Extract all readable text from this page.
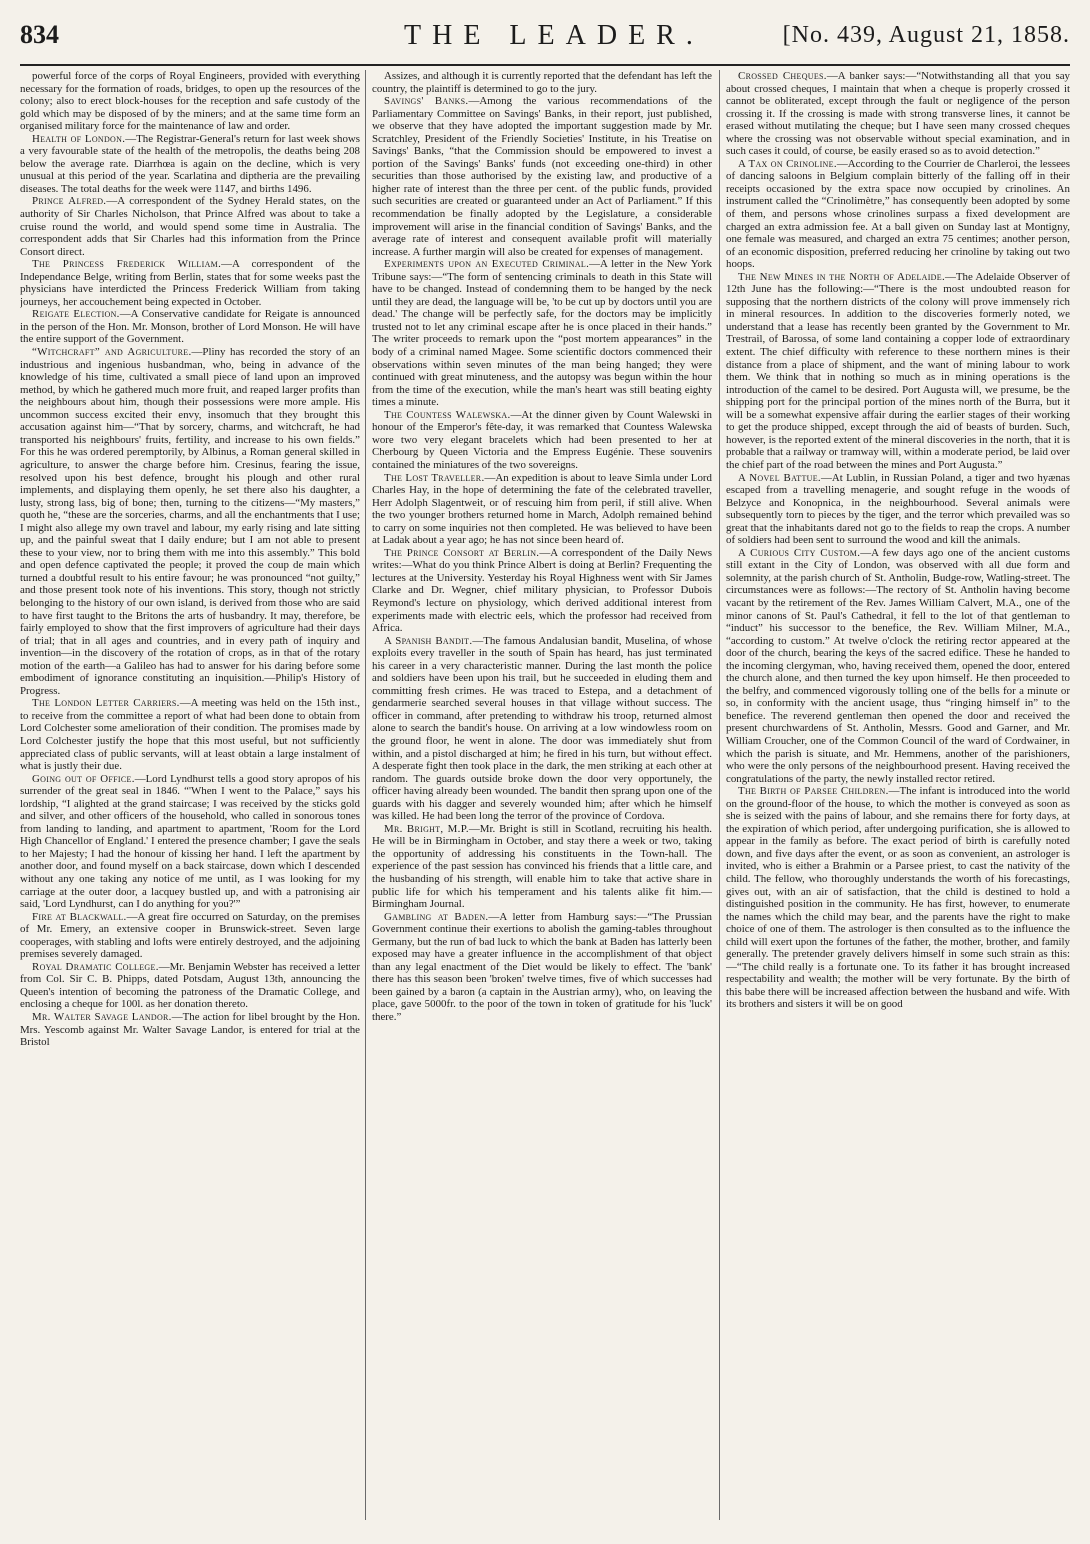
834	THE LEADER.	[No. 439, August 21, 1858.

powerful force of the corps of Royal Engineers, provided with everything necessary for the formation of roads, bridges, to open up the resources of the colony; also to erect block-houses for the reception and safe custody of the gold which may be disposed of by the miners; and at the same time form an organised military force for the maintenance of law and order.

Health of London.—The Registrar-General's return for last week shows a very favourable state of the health of the metropolis, the deaths being 208 below the average rate. Diarrhœa is again on the decline, which is very unusual at this period of the year. Scarlatina and diptheria are the prevailing diseases. The total deaths for the week were 1147, and births 1496.

Prince Alfred.—A correspondent of the Sydney Herald states, on the authority of Sir Charles Nicholson, that Prince Alfred was about to take a cruise round the world, and would spend some time in Australia. The correspondent adds that Sir Charles had this information from the Prince Consort direct.

The Princess Frederick William.—A correspondent of the Independance Belge, writing from Berlin, states that for some weeks past the physicians have interdicted the Princess Frederick William from taking journeys, her accouchement being expected in October.

Reigate Election.—A Conservative candidate for Reigate is announced in the person of the Hon. Mr. Monson, brother of Lord Monson. He will have the entire support of the Government.

“Witchcraft” and Agriculture.—Pliny has recorded the story of an industrious and ingenious husbandman, who, being in advance of the knowledge of his time, cultivated a small piece of land upon an improved method, by which he gathered much more fruit, and reaped larger profits than the neighbours about him, though their possessions were more ample. His uncommon success excited their envy, insomuch that they brought this accusation against him—“That by sorcery, charms, and witchcraft, he had transported his neighbours' fruits, fertility, and increase to his own fields.” For this he was ordered peremptorily, by Albinus, a Roman general skilled in agriculture, to answer the charge before him. Cresinus, fearing the issue, resolved upon his best defence, brought his plough and other rural implements, and displaying them openly, he set there also his daughter, a lusty, strong lass, big of bone; then, turning to the citizens—“My masters,” quoth he, “these are the sorceries, charms, and all the enchantments that I use; I might also allege my own travel and labour, my early rising and late sitting up, and the painful sweat that I daily endure; but I am not able to present these to your view, nor to bring them with me into this assembly.” This bold and open defence captivated the people; it proved the coup de main which turned a doubtful result to his entire favour; he was pronounced “not guilty,” and those present took note of his inventions. This story, though not strictly belonging to the history of our own island, is derived from those who are said to have first taught to the Britons the arts of husbandry. It may, therefore, be fairly employed to show that the first improvers of agriculture had their days of trial; that in all ages and countries, and in every path of inquiry and invention—in the discovery of the rotation of crops, as in that of the rotary motion of the earth—a Galileo has had to answer for his daring before some embodiment of ignorance constituting an inquisition.—Philip's History of Progress.

The London Letter Carriers.—A meeting was held on the 15th inst., to receive from the committee a report of what had been done to obtain from Lord Colchester some amelioration of their condition. The promises made by Lord Colchester justify the hope that this most useful, but not sufficiently appreciated class of public servants, will at least obtain a large instalment of what is justly their due.

Going out of Office.—Lord Lyndhurst tells a good story apropos of his surrender of the great seal in 1846. “'When I went to the Palace,” says his lordship, “I alighted at the grand staircase; I was received by the sticks gold and silver, and other officers of the household, who called in sonorous tones from landing to landing, and apartment to apartment, 'Room for the Lord High Chancellor of England.' I entered the presence chamber; I gave the seals to her Majesty; I had the honour of kissing her hand. I left the apartment by another door, and found myself on a back staircase, down which I descended without any one taking any notice of me until, as I was looking for my carriage at the outer door, a lacquey bustled up, and with a patronising air said, 'Lord Lyndhurst, can I do anything for you?'”

Fire at Blackwall.—A great fire occurred on Saturday, on the premises of Mr. Emery, an extensive cooper in Brunswick-street. Seven large cooperages, with stabling and lofts were entirely destroyed, and the adjoining premises severely damaged.

Royal Dramatic College.—Mr. Benjamin Webster has received a letter from Col. Sir C. B. Phipps, dated Potsdam, August 13th, announcing the Queen's intention of becoming the patroness of the Dramatic College, and enclosing a cheque for 100l. as her donation thereto.

Mr. Walter Savage Landor.—The action for libel brought by the Hon. Mrs. Yescomb against Mr. Walter Savage Landor, is entered for trial at the Bristol

Assizes, and although it is currently reported that the defendant has left the country, the plaintiff is determined to go to the jury.

Savings' Banks.—Among the various recommendations of the Parliamentary Committee on Savings' Banks, in their report, just published, we observe that they have adopted the important suggestion made by Mr. Scratchley, President of the Friendly Societies' Institute, in his Treatise on Savings' Banks, “that the Commission should be empowered to invest a portion of the Savings' Banks' funds (not exceeding one-third) in other securities than those authorised by the existing law, and productive of a higher rate of interest than the three per cent. of the public funds, provided such securities are created or guaranteed under an Act of Parliament.” If this recommendation be finally adopted by the Legislature, a considerable improvement will arise in the financial condition of Savings' Banks, and the average rate of interest and consequent available profit will materially increase. A further margin will also be created for expenses of management.

Experiments upon an Executed Criminal.—A letter in the New York Tribune says:—“The form of sentencing criminals to death in this State will have to be changed. Instead of condemning them to be hanged by the neck until they are dead, the language will be, 'to be cut up by doctors until you are dead.' The change will be perfectly safe, for the doctors may be implicitly trusted not to let any criminal escape after he is once placed in their hands.” The writer proceeds to remark upon the “post mortem appearances” in the body of a criminal named Magee. Some scientific doctors commenced their observations within seven minutes of the man being hanged; they were continued with great minuteness, and the autopsy was begun within the hour from the time of the execution, while the man's heart was still beating eighty times a minute.

The Countess Walewska.—At the dinner given by Count Walewski in honour of the Emperor's fête-day, it was remarked that Countess Walewska wore two very elegant bracelets which had been presented to her at Cherbourg by Queen Victoria and the Empress Eugénie. These souvenirs contained the miniatures of the two sovereigns.

The Lost Traveller.—An expedition is about to leave Simla under Lord Charles Hay, in the hope of determining the fate of the celebrated traveller, Herr Adolph Slagentweit, or of rescuing him from peril, if still alive. When the two younger brothers returned home in March, Adolph remained behind to carry on some inquiries not then completed. He was believed to have been at Ladak about a year ago; he has not since been heard of.

The Prince Consort at Berlin.—A correspondent of the Daily News writes:—What do you think Prince Albert is doing at Berlin? Frequenting the lectures at the University. Yesterday his Royal Highness went with Sir James Clarke and Dr. Wegner, chief military physician, to Professor Dubois Reymond's lecture on physiology, which derived additional interest from experiments made with electric eels, which the professor had received from Africa.

A Spanish Bandit.—The famous Andalusian bandit, Muselina, of whose exploits every traveller in the south of Spain has heard, has just terminated his career in a very characteristic manner. During the last month the police and soldiers have been upon his trail, but he succeeded in eluding them and committing fresh crimes. He was traced to Estepa, and a detachment of gendarmerie searched several houses in that village without success. The officer in command, after pretending to withdraw his troop, returned almost alone to search the bandit's house. On arriving at a low windowless room on the ground floor, he went in alone. The door was immediately shut from within, and a pistol discharged at him; he fired in his turn, but without effect. A desperate fight then took place in the dark, the men striking at each other at random. The guards outside broke down the door very opportunely, the officer having already been wounded. The bandit then sprang upon one of the guards with his dagger and severely wounded him; after which he himself was killed. He had been long the terror of the province of Cordova.

Mr. Bright, M.P.—Mr. Bright is still in Scotland, recruiting his health. He will be in Birmingham in October, and stay there a week or two, taking the opportunity of addressing his constituents in the Town-hall. The experience of the past session has convinced his friends that a little care, and the husbanding of his strength, will enable him to take that active share in public life for which his temperament and his talents alike fit him.—Birmingham Journal.

Gambling at Baden.—A letter from Hamburg says:—“The Prussian Government continue their exertions to abolish the gaming-tables throughout Germany, but the run of bad luck to which the bank at Baden has latterly been exposed may have a greater influence in the accomplishment of that object than any legal enactment of the Diet would be likely to effect. The 'bank' there has this season been 'broken' twelve times, five of which successes had been gained by a baron (a captain in the Austrian army), who, on leaving the place, gave 5000fr. to the poor of the town in token of gratitude for his 'luck' there.”

Crossed Cheques.—A banker says:—“Notwithstanding all that you say about crossed cheques, I maintain that when a cheque is properly crossed it cannot be obliterated, except through the fault or negligence of the person crossing it. If the crossing is made with strong transverse lines, it cannot be erased without mutilating the cheque; but I have seen many crossed cheques where the crossing was not observable without special examination, and in such cases it could, of course, be easily erased so as to avoid detection.”

A Tax on Crinoline.—According to the Courrier de Charleroi, the lessees of dancing saloons in Belgium complain bitterly of the falling off in their receipts occasioned by the extra space now occupied by crinolines. An instrument called the “Crinolimètre,” has consequently been adopted by some of them, and persons whose crinolines surpass a fixed development are charged an extra admission fee. At a ball given on Sunday last at Montigny, one female was measured, and charged an extra 75 centimes; another person, of an economic disposition, preferred reducing her crinoline by taking out two hoops.

The New Mines in the North of Adelaide.—The Adelaide Observer of 12th June has the following:—“There is the most undoubted reason for supposing that the northern districts of the colony will prove immensely rich in mineral resources. In addition to the discoveries formerly noted, we understand that a lease has recently been granted by the Government to Mr. Trestrail, of Barossa, of some land containing a copper lode of extraordinary extent. The chief difficulty with reference to these northern mines is their distance from a place of shipment, and the want of mining labour to work them. We think that in nothing so much as in mining operations is the introduction of the camel to be desired. Port Augusta will, we presume, be the shipping port for the principal portion of the mines north of the Burra, but it will be a somewhat expensive affair during the earlier stages of their working to get the produce shipped, except through the aid of beasts of burden. Such, however, is the reported extent of the mineral discoveries in the north, that it is probable that a railway or tramway will, within a moderate period, be laid over the chief part of the road between the mines and Port Augusta.”

A Novel Battue.—At Lublin, in Russian Poland, a tiger and two hyænas escaped from a travelling menagerie, and sought refuge in the woods of Belzyce and Konopnica, in the neighbourhood. Several animals were subsequently torn to pieces by the tiger, and the terror which prevailed was so great that the inhabitants dared not go to the fields to reap the crops. A number of soldiers had been sent to surround the wood and kill the animals.

A Curious City Custom.—A few days ago one of the ancient customs still extant in the City of London, was observed with all due form and solemnity, at the parish church of St. Antholin, Budge-row, Watling-street. The circumstances were as follows:—The rectory of St. Antholin having become vacant by the retirement of the Rev. James William Calvert, M.A., one of the minor canons of St. Paul's Cathedral, it fell to the lot of that gentleman to “induct” his successor to the benefice, the Rev. William Milner, M.A., “according to custom.” At twelve o'clock the retiring rector appeared at the door of the church, bearing the keys of the sacred edifice. These he handed to the incoming clergyman, who, having received them, opened the door, entered the church alone, and then turned the key upon himself. He then proceeded to the belfry, and commenced vigorously tolling one of the bells for a minute or so, in conformity with the ancient usage, thus “ringing himself in” to the benefice. The reverend gentleman then opened the door and received the present churchwardens of St. Antholin, Messrs. Good and Garner, and Mr. William Croucher, one of the Common Council of the ward of Cordwainer, in which the parish is situate, and Mr. Hemmens, another of the parishioners, who were the only persons of the neighbourhood present. Having received the congratulations of the party, the newly installed rector retired.

The Birth of Parsee Children.—The infant is introduced into the world on the ground-floor of the house, to which the mother is conveyed as soon as she is seized with the pains of labour, and she remains there for forty days, at the expiration of which period, after undergoing purification, she is allowed to appear in the family as before. The exact period of birth is carefully noted down, and five days after the event, or as soon as convenient, an astrologer is invited, who is either a Brahmin or a Parsee priest, to cast the nativity of the child. The fellow, who thoroughly understands the worth of his forecastings, gives out, with an air of satisfaction, that the child is destined to hold a distinguished position in the community. He has first, however, to enumerate the names which the child may bear, and the parents have the right to make choice of one of them. The astrologer is then consulted as to the influence the child will exert upon the fortunes of the father, the mother, brother, and family generally. The pretender gravely delivers himself in some such strain as this:—“The child really is a fortunate one. To its father it has brought increased respectability and wealth; the mother will be very fortunate. By the birth of this babe there will be increased affection between the husband and wife. With its brothers and sisters it will be on good
